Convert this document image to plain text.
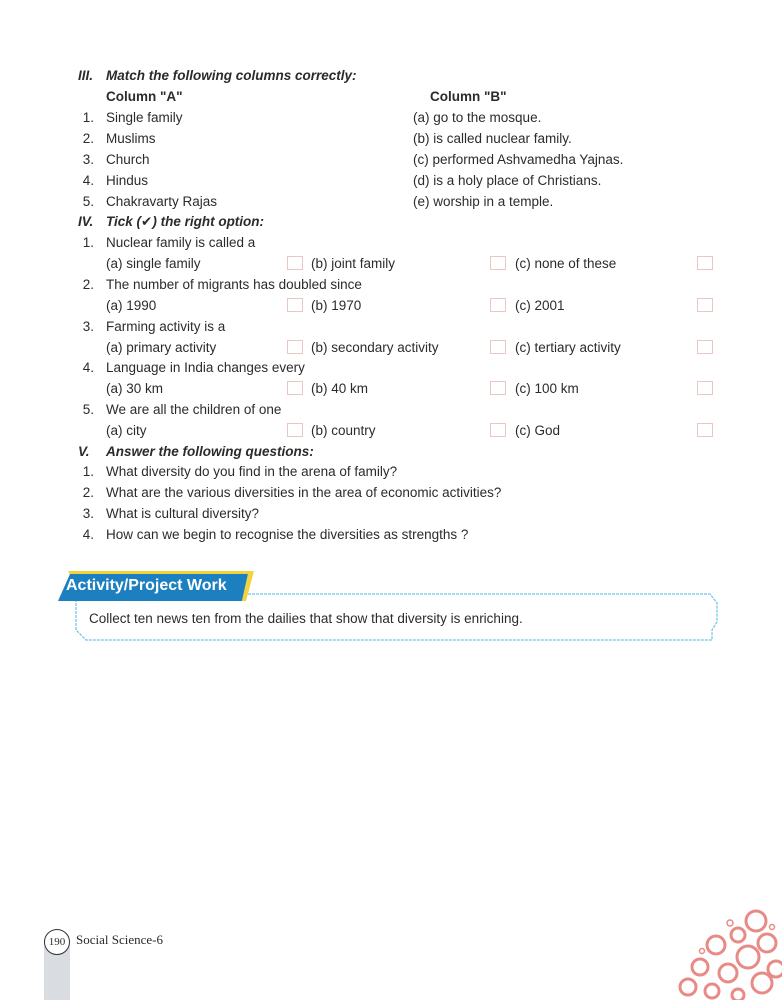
III. Match the following columns correctly:
Column "A"	Column "B"
1. Single family	(a) go to the mosque.
2. Muslims	(b) is called nuclear family.
3. Church	(c) performed Ashvamedha Yajnas.
4. Hindus	(d) is a holy place of Christians.
5. Chakravarty Rajas	(e) worship in a temple.
IV. Tick (✔) the right option:
1. Nuclear family is called a
(a) single family	(b) joint family	(c) none of these
2. The number of migrants has doubled since
(a) 1990	(b) 1970	(c) 2001
3. Farming activity is a
(a) primary activity	(b) secondary activity	(c) tertiary activity
4. Language in India changes every
(a) 30 km	(b) 40 km	(c) 100 km
5. We are all the children of one
(a) city	(b) country	(c) God
V. Answer the following questions:
1. What diversity do you find in the arena of family?
2. What are the various diversities in the area of economic activities?
3. What is cultural diversity?
4. How can we begin to recognise the diversities as strengths ?
Activity/Project Work
Collect ten news ten from the dailies that show that diversity is enriching.
190 Social Science-6
